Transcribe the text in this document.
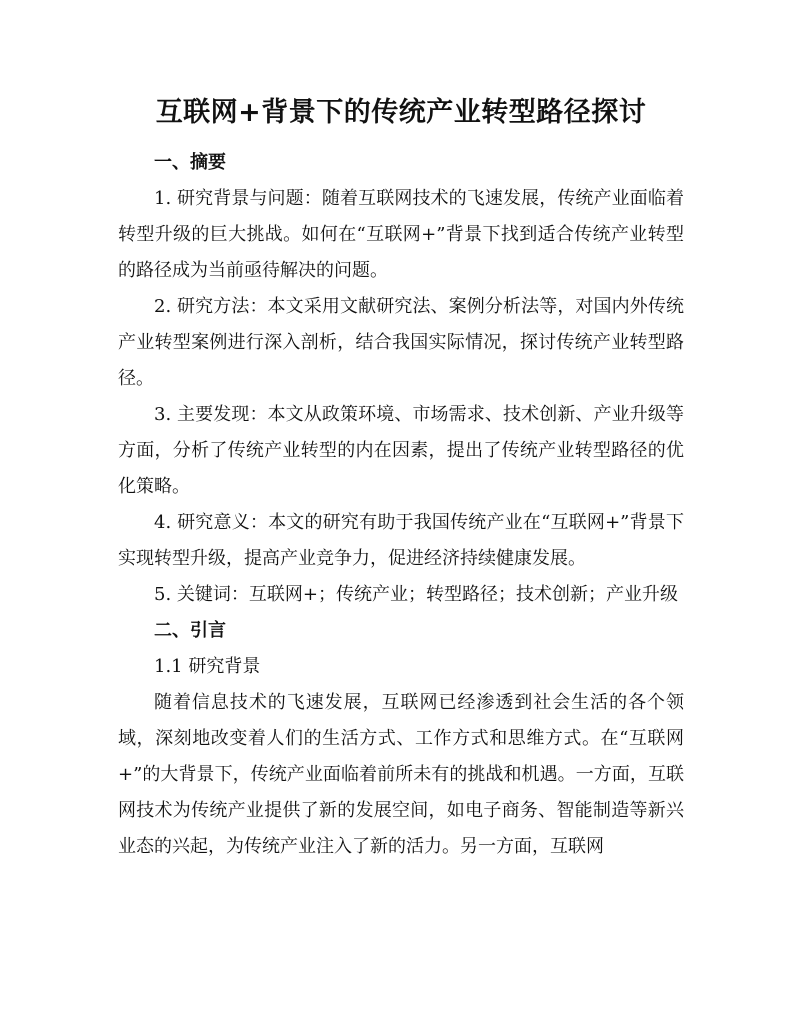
互联网+背景下的传统产业转型路径探讨

一、摘要

1. 研究背景与问题：随着互联网技术的飞速发展，传统产业面临着转型升级的巨大挑战。如何在“互联网+”背景下找到适合传统产业转型的路径成为当前亟待解决的问题。

2. 研究方法：本文采用文献研究法、案例分析法等，对国内外传统产业转型案例进行深入剖析，结合我国实际情况，探讨传统产业转型路径。

3. 主要发现：本文从政策环境、市场需求、技术创新、产业升级等方面，分析了传统产业转型的内在因素，提出了传统产业转型路径的优化策略。

4. 研究意义：本文的研究有助于我国传统产业在“互联网+”背景下实现转型升级，提高产业竞争力，促进经济持续健康发展。

5. 关键词：互联网+；传统产业；转型路径；技术创新；产业升级

二、引言

1.1 研究背景

随着信息技术的飞速发展，互联网已经渗透到社会生活的各个领域，深刻地改变着人们的生活方式、工作方式和思维方式。在“互联网+”的大背景下，传统产业面临着前所未有的挑战和机遇。一方面，互联网技术为传统产业提供了新的发展空间，如电子商务、智能制造等新兴业态的兴起，为传统产业注入了新的活力。另一方面，互联网
